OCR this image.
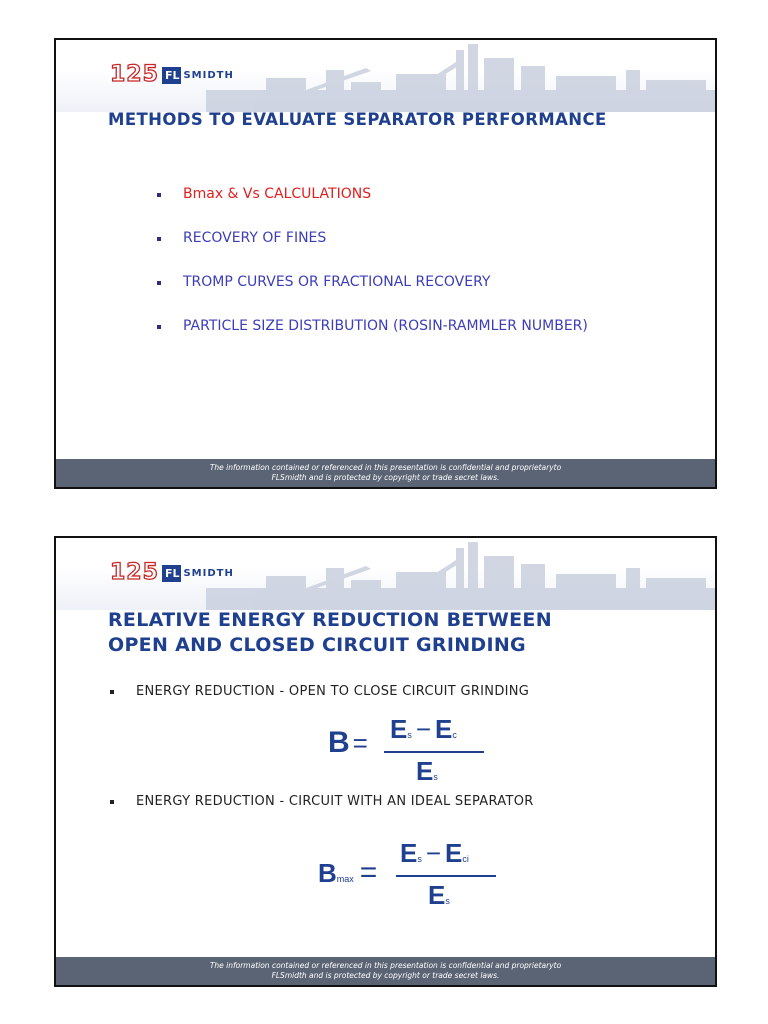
125 FL SMIDTH
METHODS TO EVALUATE SEPARATOR PERFORMANCE
Bmax & Vs CALCULATIONS
RECOVERY OF FINES
TROMP CURVES OR FRACTIONAL RECOVERY
PARTICLE SIZE DISTRIBUTION (ROSIN-RAMMLER NUMBER)
The information contained or referenced in this presentation is confidential and proprietaryto
FLSmidth and is protected by copyright or trade secret laws.
125 FL SMIDTH
RELATIVE ENERGY REDUCTION BETWEEN
OPEN AND CLOSED CIRCUIT GRINDING
ENERGY REDUCTION - OPEN TO CLOSE CIRCUIT GRINDING
B = Es − Ec
Es
ENERGY REDUCTION - CIRCUIT WITH AN IDEAL SEPARATOR
Bmax =
Es − Eci
Es
The information contained or referenced in this presentation is confidential and proprietaryto
FLSmidth and is protected by copyright or trade secret laws.
